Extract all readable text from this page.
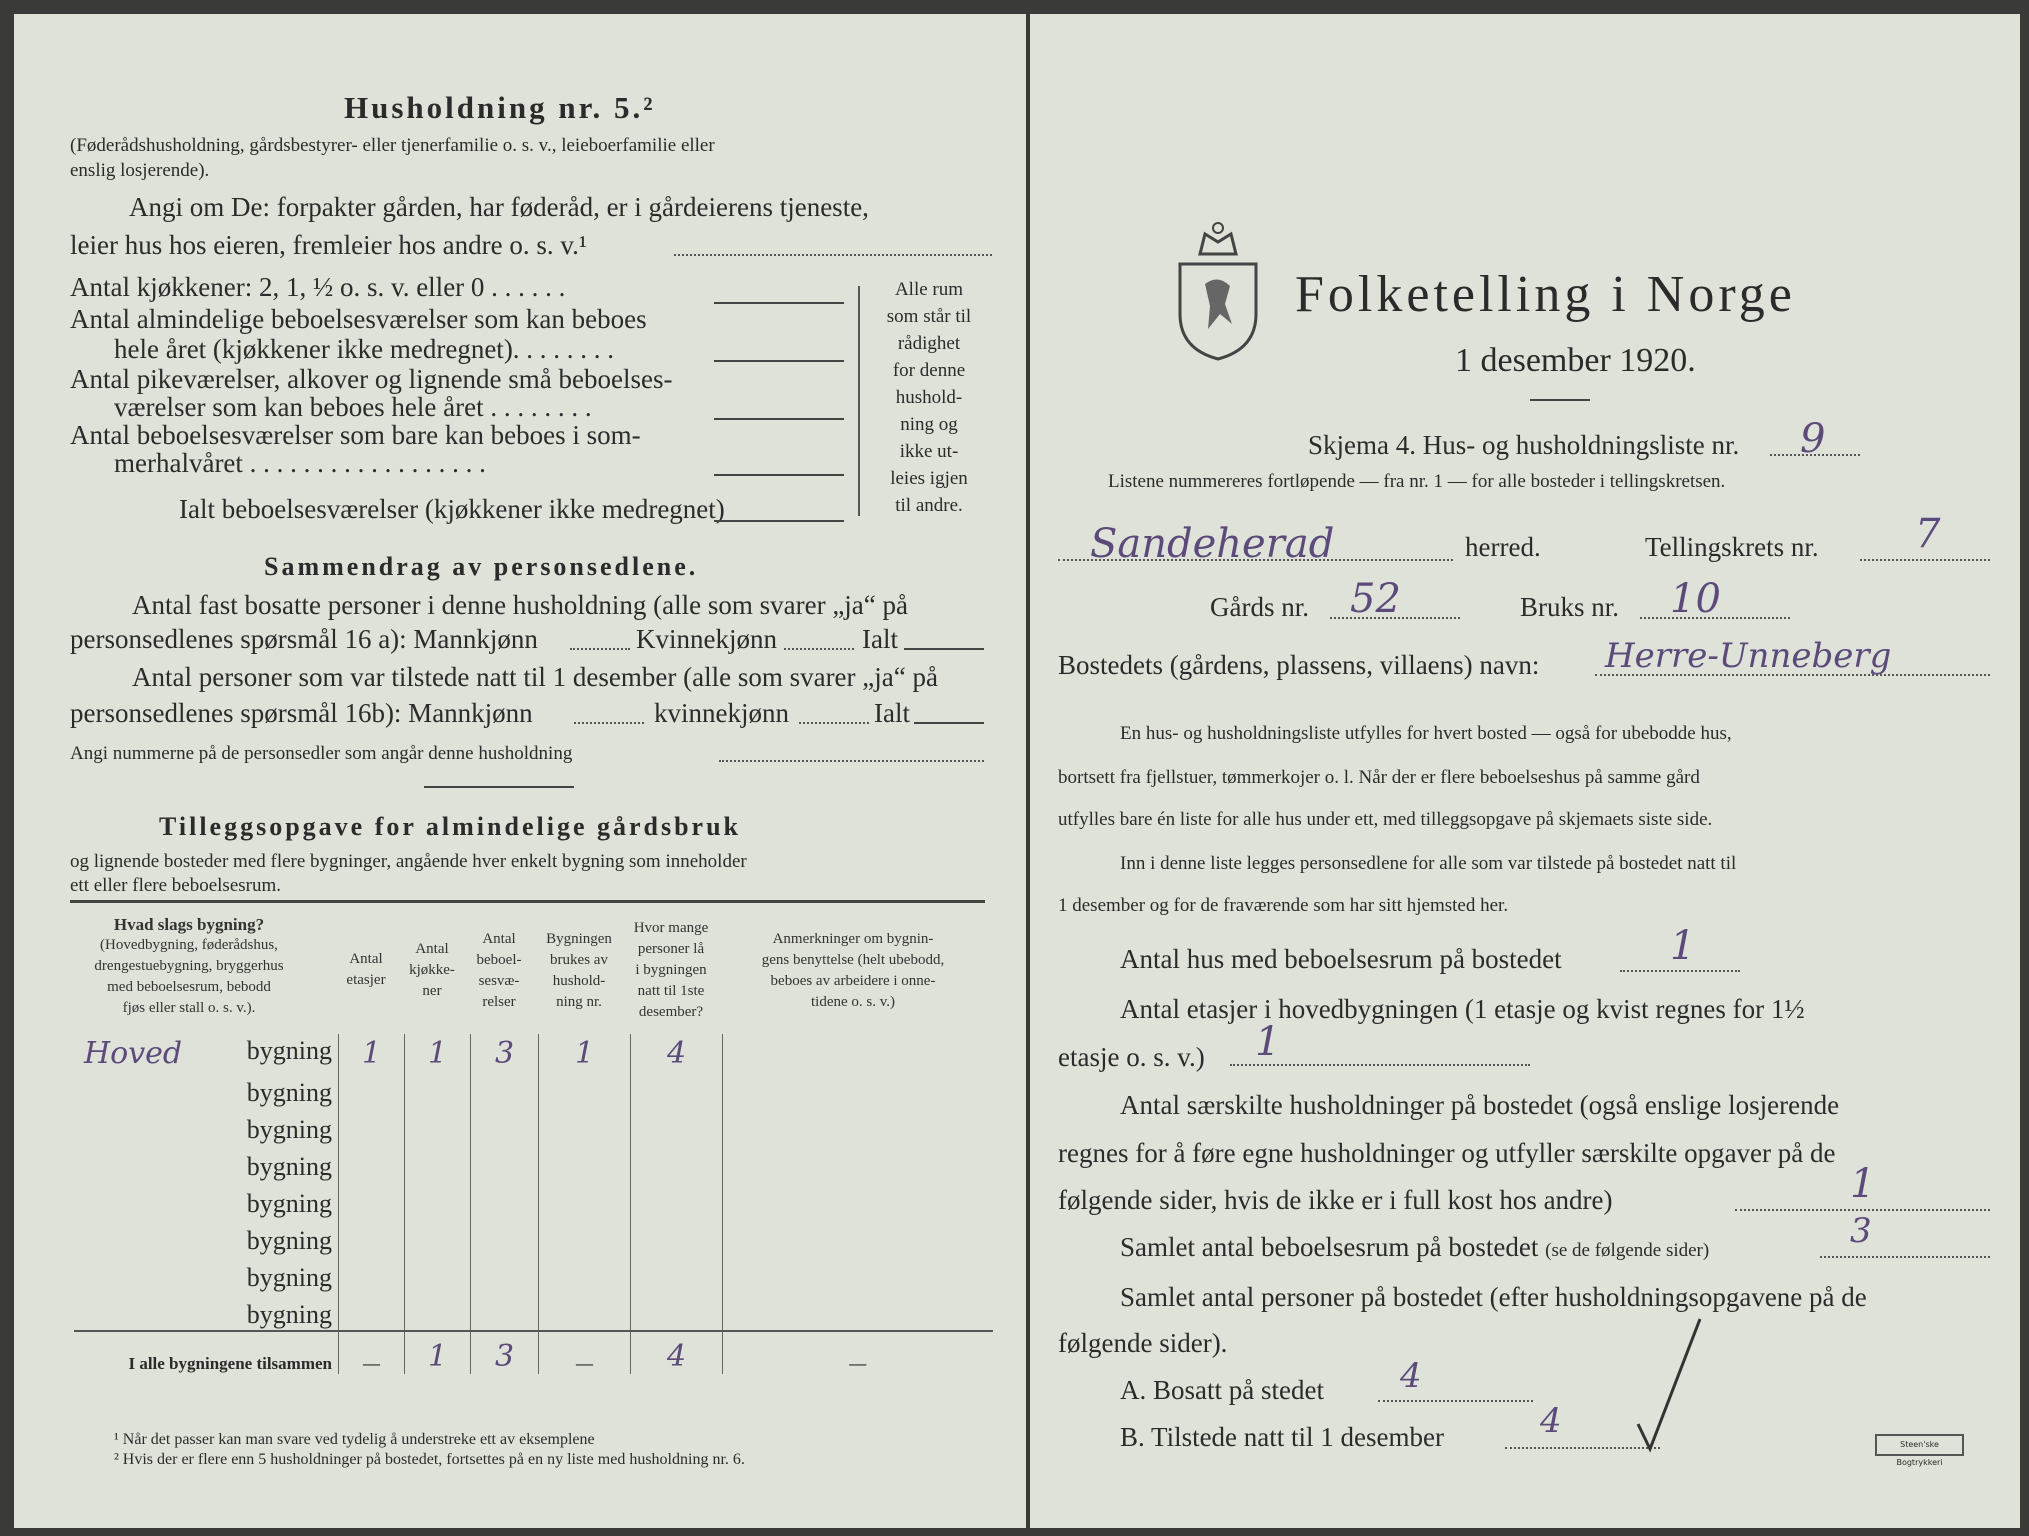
Husholdning nr. 5.²
(Føderådshusholdning, gårdsbestyrer- eller tjenerfamilie o. s. v., leieboerfamilie eller
enslig losjerende).
Angi om De: forpakter gården, har føderåd, er i gårdeierens tjeneste,
leier hus hos eieren, fremleier hos andre o. s. v.¹
Antal kjøkkener: 2, 1, ½ o. s. v. eller 0 . . . . . .
Antal almindelige beboelsesværelser som kan beboes
hele året (kjøkkener ikke medregnet). . . . . . . .
Antal pikeværelser, alkover og lignende små beboelses-
værelser som kan beboes hele året . . . . . . . .
Antal beboelsesværelser som bare kan beboes i som-
merhalvåret . . . . . . . . . . . . . . . . . .
Ialt beboelsesværelser (kjøkkener ikke medregnet)
Alle rum
som står til
rådighet
for denne
hushold-
ning og
ikke ut-
leies igjen
til andre.
Sammendrag av personsedlene.
Antal fast bosatte personer i denne husholdning (alle som svarer „ja“ på
personsedlenes spørsmål 16 a): Mannkjønn	Kvinnekjønn	Ialt
Antal personer som var tilstede natt til 1 desember (alle som svarer „ja“ på
personsedlenes spørsmål 16b): Mannkjønn	kvinnekjønn	Ialt
Angi nummerne på de personsedler som angår denne husholdning
Tilleggsopgave for almindelige gårdsbruk
og lignende bosteder med flere bygninger, angående hver enkelt bygning som inneholder
ett eller flere beboelsesrum.
Hvad slags bygning?
(Hovedbygning, føderådshus,
drengestuebygning, bryggerhus
med beboelsesrum, bebodd
fjøs eller stall o. s. v.).
Antal
etasjer
Antal
kjøkke-
ner
Antal
beboel-
sesvæ-
relser
Bygningen
brukes av
hushold-
ning nr.
Hvor mange
personer lå
i bygningen
natt til 1ste
desember?
Anmerkninger om bygnin-
gens benyttelse (helt ubebodd,
beboes av arbeidere i onne-
tidene o. s. v.)
Hoved bygning	1	1	3	1	4	
bygning						
bygning						
bygning						
bygning						
bygning						
bygning						
bygning						
I alle bygningene tilsammen	—	1	3	—	4	—
¹ Når det passer kan man svare ved tydelig å understreke ett av eksemplene
² Hvis der er flere enn 5 husholdninger på bostedet, fortsettes på en ny liste med husholdning nr. 6.
Folketelling i Norge
1 desember 1920.
Skjema 4. Hus- og husholdningsliste nr. 9
Listene nummereres fortløpende — fra nr. 1 — for alle bosteder i tellingskretsen.
Sandeherad	herred.	Tellingskrets nr. 7
Gårds nr. 52	Bruks nr. 10
Bostedets (gårdens, plassens, villaens) navn: Herre-Unneberg
En hus- og husholdningsliste utfylles for hvert bosted — også for ubebodde hus,
bortsett fra fjellstuer, tømmerkojer o. l. Når der er flere beboelseshus på samme gård
utfylles bare én liste for alle hus under ett, med tilleggsopgave på skjemaets siste side.
Inn i denne liste legges personsedlene for alle som var tilstede på bostedet natt til
1 desember og for de fraværende som har sitt hjemsted her.
Antal hus med beboelsesrum på bostedet	1
Antal etasjer i hovedbygningen (1 etasje og kvist regnes for 1½
etasje o. s. v.) 1
Antal særskilte husholdninger på bostedet (også enslige losjerende
regnes for å føre egne husholdninger og utfyller særskilte opgaver på de
følgende sider, hvis de ikke er i full kost hos andre)	1
Samlet antal beboelsesrum på bostedet (se de følgende sider)	3
Samlet antal personer på bostedet (efter husholdningsopgavene på de
følgende sider).
A. Bosatt på stedet 4
B. Tilstede natt til 1 desember	4
Steen'ske Bogtrykkeri
